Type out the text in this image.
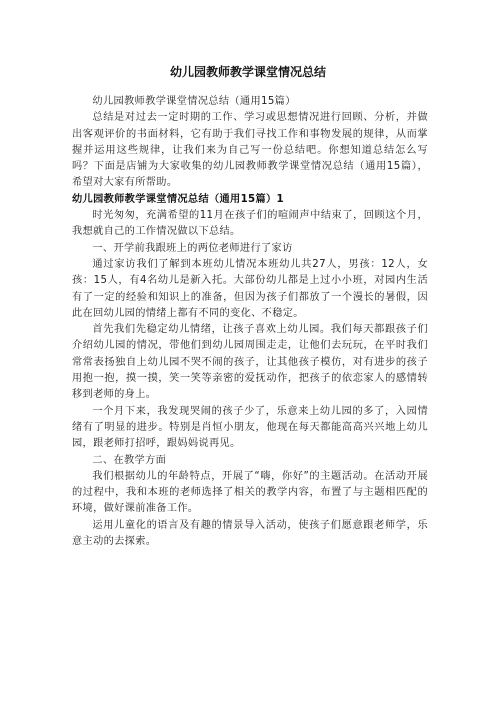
幼儿园教师教学课堂情况总结

幼儿园教师教学课堂情况总结（通用15篇）

总结是对过去一定时期的工作、学习或思想情况进行回顾、分析，并做出客观评价的书面材料，它有助于我们寻找工作和事物发展的规律，从而掌握并运用这些规律，让我们来为自己写一份总结吧。你想知道总结怎么写吗？下面是店铺为大家收集的幼儿园教师教学课堂情况总结（通用15篇），希望对大家有所帮助。

幼儿园教师教学课堂情况总结（通用15篇）1

时光匆匆，充满希望的11月在孩子们的喧闹声中结束了，回顾这个月，我想就自己的工作情况做以下总结。

一、开学前我跟班上的两位老师进行了家访

通过家访我们了解到本班幼儿情况本班幼儿共27人，男孩：12人，女孩：15人，有4名幼儿是新入托。大部份幼儿都是上过小小班，对园内生活有了一定的经验和知识上的准备，但因为孩子们都放了一个漫长的暑假，因此在回幼儿园的情绪上都有不同的变化、不稳定。

首先我们先稳定幼儿情绪，让孩子喜欢上幼儿园。我们每天都跟孩子们介绍幼儿园的情况，带他们到幼儿园周围走走，让他们去玩玩，在平时我们常常表扬独自上幼儿园不哭不闹的孩子，让其他孩子模仿，对有进步的孩子用抱一抱，摸一摸，笑一笑等亲密的爱抚动作，把孩子的依恋家人的感情转移到老师的身上。

一个月下来，我发现哭闹的孩子少了，乐意来上幼儿园的多了，入园情绪有了明显的进步。特别是肖恒小朋友，他现在每天都能高高兴兴地上幼儿园，跟老师打招呼，跟妈妈说再见。

二、在教学方面

我们根据幼儿的年龄特点，开展了“嗨，你好”的主题活动。在活动开展的过程中，我和本班的老师选择了相关的教学内容，布置了与主题相匹配的环境，做好课前准备工作。

运用儿童化的语言及有趣的情景导入活动，使孩子们愿意跟老师学，乐意主动的去探索。
